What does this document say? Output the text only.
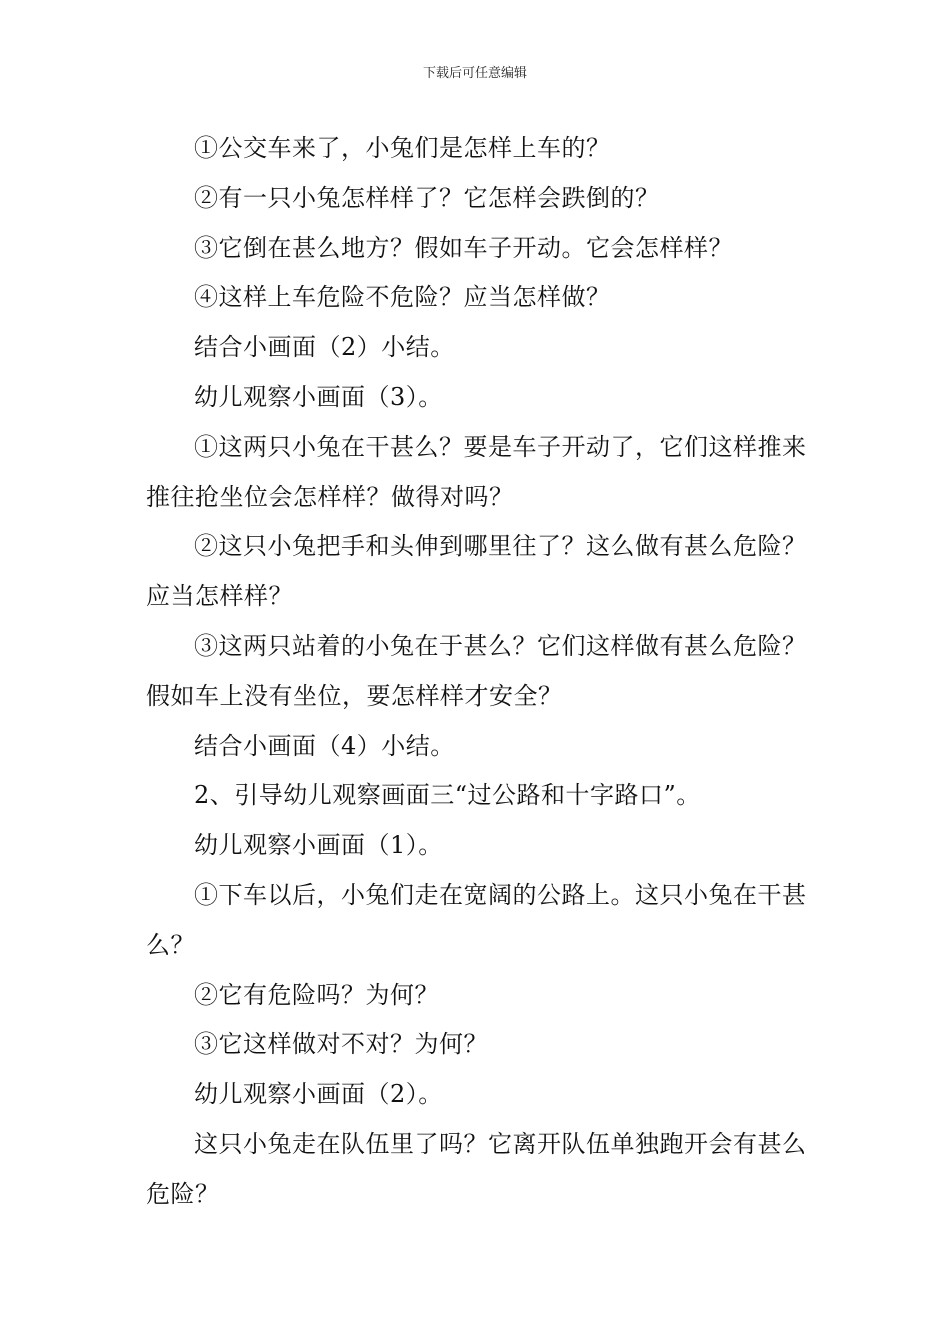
下载后可任意编辑

①公交车来了，小兔们是怎样上车的？

②有一只小兔怎样样了？它怎样会跌倒的？

③它倒在甚么地方？假如车子开动。它会怎样样？

④这样上车危险不危险？应当怎样做？

结合小画面（2）小结。

幼儿观察小画面（3）。

①这两只小兔在干甚么？要是车子开动了，它们这样推来推往抢坐位会怎样样？做得对吗？

②这只小兔把手和头伸到哪里往了？这么做有甚么危险？应当怎样样？

③这两只站着的小兔在于甚么？它们这样做有甚么危险？假如车上没有坐位，要怎样样才安全？

结合小画面（4）小结。

2、引导幼儿观察画面三“过公路和十字路口”。

幼儿观察小画面（1）。

①下车以后，小兔们走在宽阔的公路上。这只小兔在干甚么？

②它有危险吗？为何？

③它这样做对不对？为何？

幼儿观察小画面（2）。

这只小兔走在队伍里了吗？它离开队伍单独跑开会有甚么危险？
